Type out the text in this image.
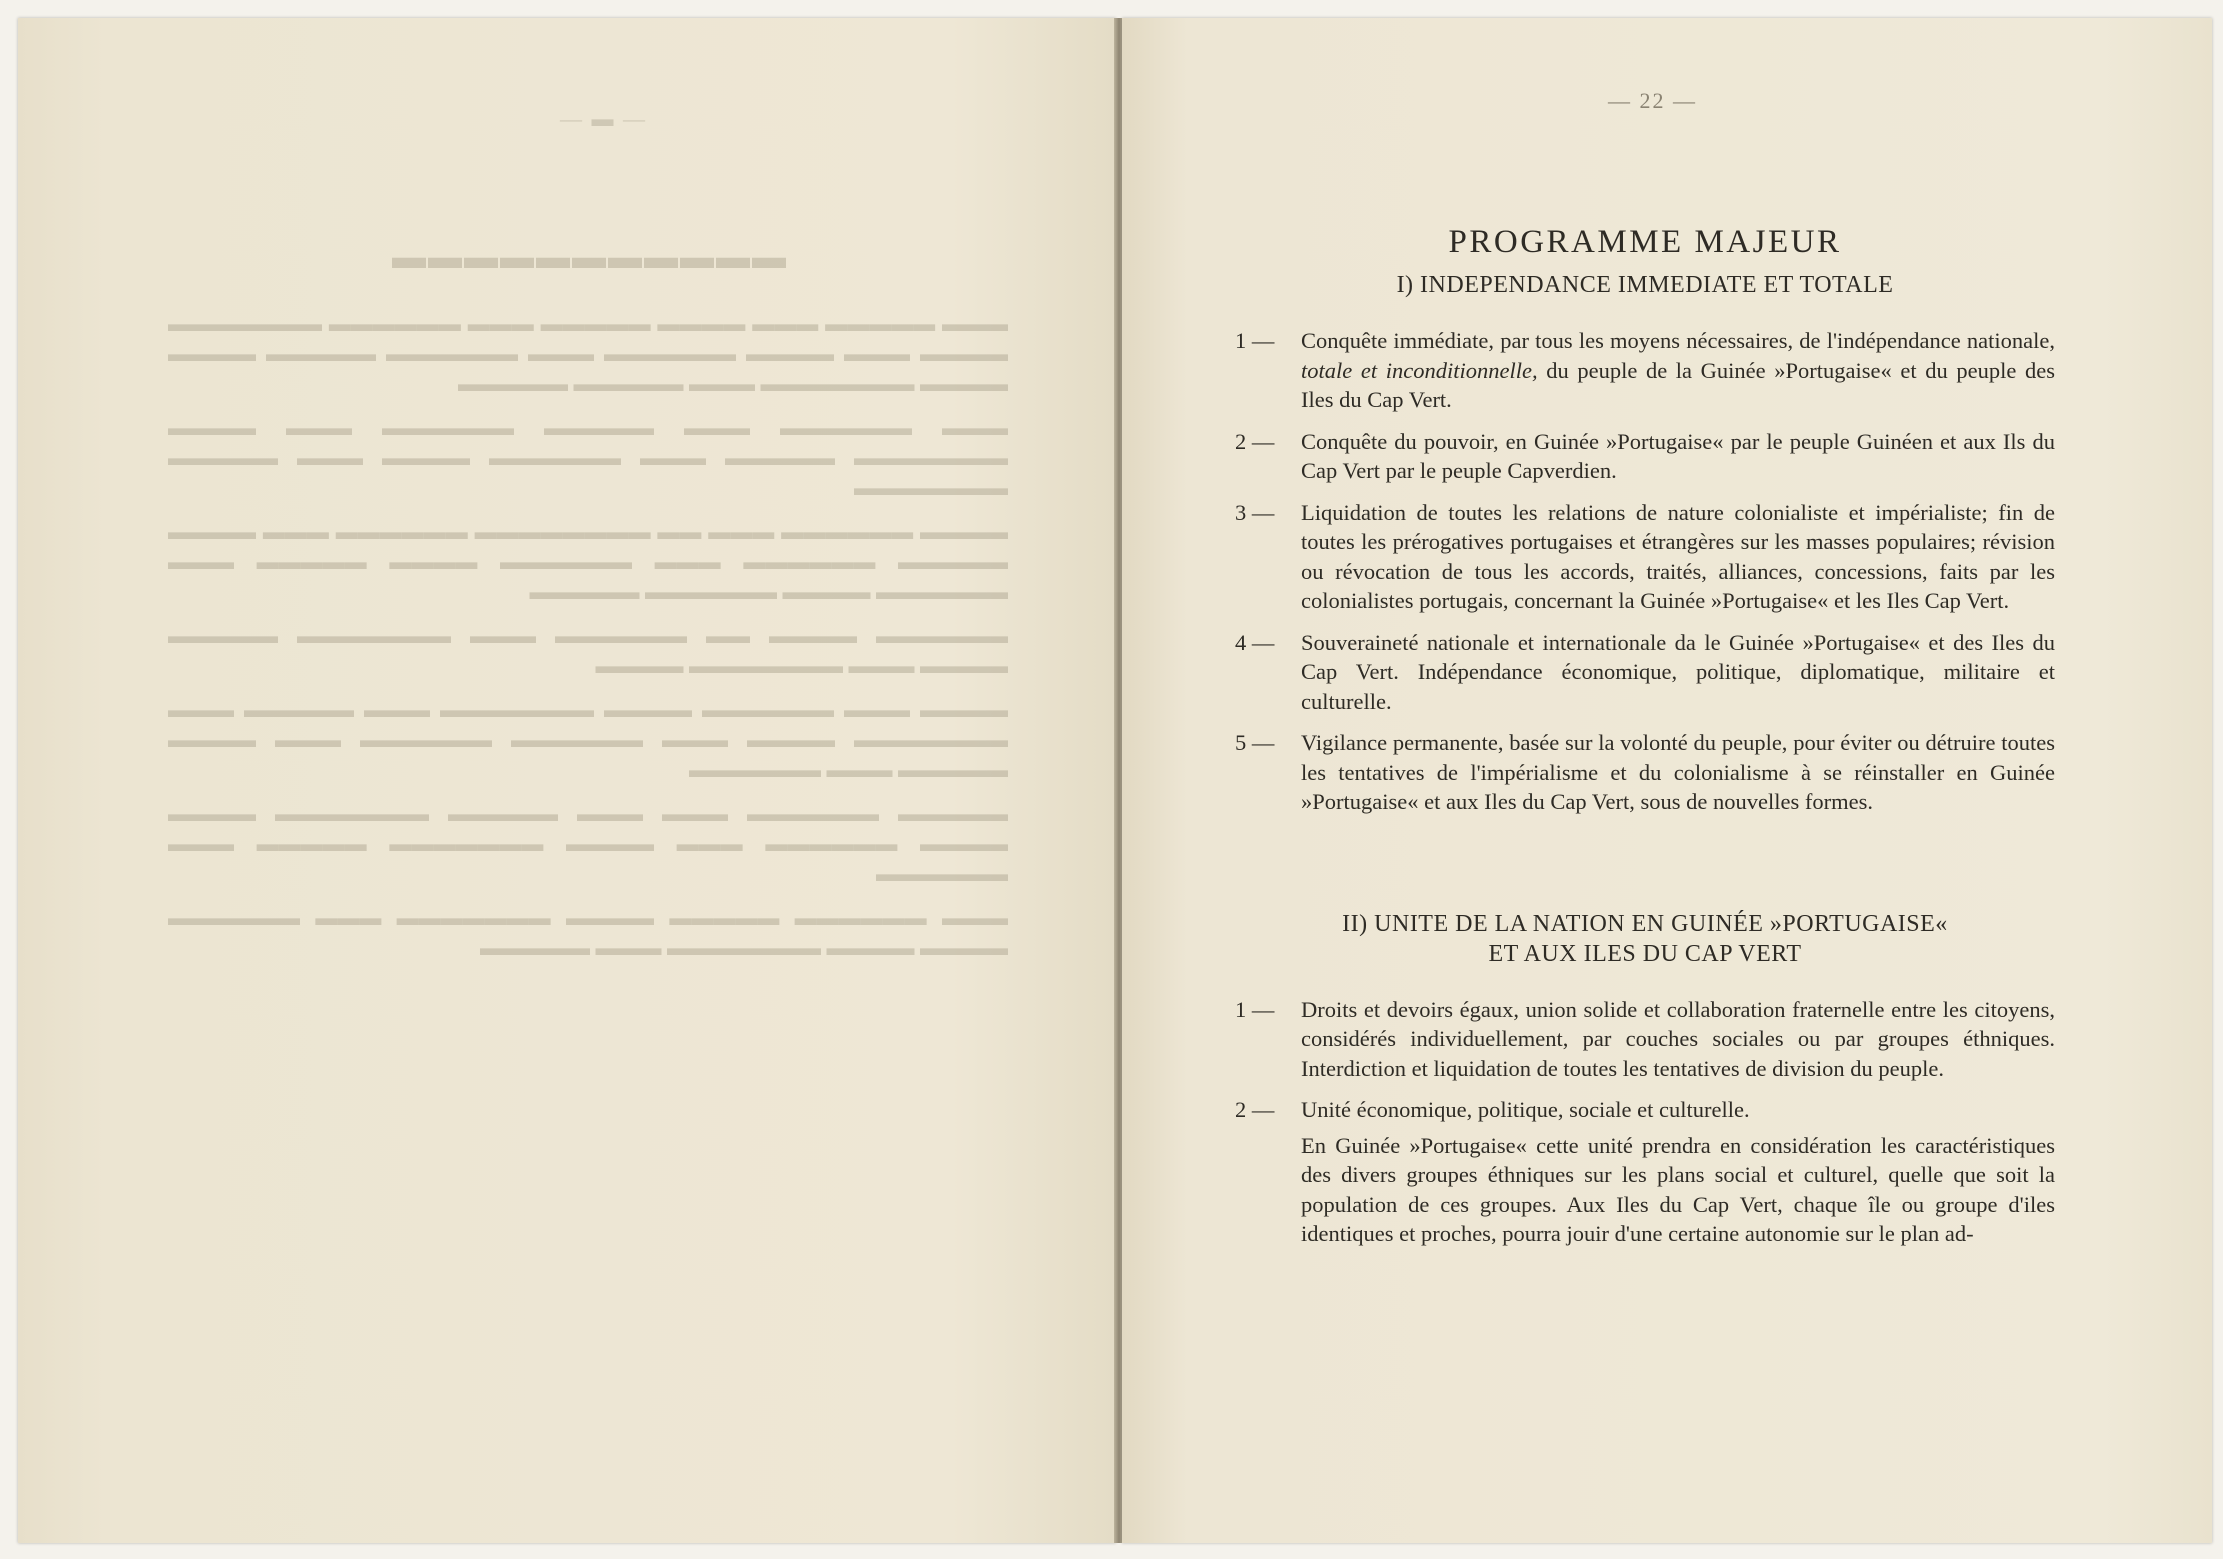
▬▬▬▬▬▬▬▬▬▬▬

▬▬▬ ▬▬▬▬▬ ▬▬▬ ▬▬▬▬ ▬▬▬▬▬ ▬▬▬ ▬▬▬▬▬▬ ▬▬▬▬▬▬▬ ▬▬▬▬ ▬▬▬ ▬▬▬▬ ▬▬▬▬▬▬ ▬▬▬ ▬▬▬▬▬▬ ▬▬▬▬▬ ▬▬▬▬ ▬▬▬▬ ▬▬▬▬▬▬▬ ▬▬▬ ▬▬▬▬▬ ▬▬▬▬▬

▬▬▬ ▬▬▬▬▬▬ ▬▬▬ ▬▬▬▬▬ ▬▬▬▬▬▬ ▬▬▬ ▬▬▬▬ ▬▬▬▬▬▬▬ ▬▬▬▬▬ ▬▬▬ ▬▬▬▬▬▬ ▬▬▬▬ ▬▬▬ ▬▬▬▬▬ ▬▬▬▬▬▬▬

▬▬▬▬ ▬▬▬▬▬▬ ▬▬▬ ▬▬ ▬▬▬▬▬▬▬▬ ▬▬▬▬▬▬ ▬▬▬ ▬▬▬▬ ▬▬▬▬▬ ▬▬▬▬▬▬ ▬▬▬ ▬▬▬▬▬▬ ▬▬▬▬ ▬▬▬▬▬ ▬▬▬ ▬▬▬▬▬▬ ▬▬▬▬ ▬▬▬▬▬▬ ▬▬▬▬▬

▬▬▬▬▬▬ ▬▬▬▬ ▬▬ ▬▬▬▬▬▬ ▬▬▬ ▬▬▬▬▬▬▬ ▬▬▬▬▬ ▬▬▬▬ ▬▬▬ ▬▬▬▬▬▬▬ ▬▬▬▬

▬▬▬▬ ▬▬▬ ▬▬▬▬▬▬ ▬▬▬▬ ▬▬▬▬▬▬▬ ▬▬▬ ▬▬▬▬▬ ▬▬▬ ▬▬▬▬▬▬▬ ▬▬▬▬ ▬▬▬ ▬▬▬▬▬▬ ▬▬▬▬▬▬ ▬▬▬ ▬▬▬▬ ▬▬▬▬▬ ▬▬▬ ▬▬▬▬▬▬

▬▬▬▬▬ ▬▬▬▬▬▬ ▬▬▬ ▬▬▬ ▬▬▬▬▬ ▬▬▬▬▬▬▬ ▬▬▬▬ ▬▬▬▬ ▬▬▬▬▬▬ ▬▬▬ ▬▬▬▬ ▬▬▬▬▬▬▬ ▬▬▬▬▬ ▬▬▬ ▬▬▬▬▬▬

▬▬▬ ▬▬▬▬▬▬ ▬▬▬▬▬ ▬▬▬▬ ▬▬▬▬▬▬▬ ▬▬▬ ▬▬▬▬▬▬ ▬▬▬▬ ▬▬▬▬ ▬▬▬▬▬▬▬ ▬▬▬ ▬▬▬▬▬

— ▬ —
— 22 —
PROGRAMME MAJEUR
I) INDEPENDANCE IMMEDIATE ET TOTALE
1 — Conquête immédiate, par tous les moyens nécessaires, de l'indépendance nationale, totale et inconditionnelle, du peuple de la Guinée »Portugaise« et du peuple des Iles du Cap Vert.
2 — Conquête du pouvoir, en Guinée »Portugaise« par le peuple Guinéen et aux Ils du Cap Vert par le peuple Capverdien.
3 — Liquidation de toutes les relations de nature colonialiste et impérialiste; fin de toutes les prérogatives portugaises et étrangères sur les masses populaires; révision ou révocation de tous les accords, traités, alliances, concessions, faits par les colonialistes portugais, concernant la Guinée »Portugaise« et les Iles Cap Vert.
4 — Souveraineté nationale et internationale da le Guinée »Portugaise« et des Iles du Cap Vert. Indépendance économique, politique, diplomatique, militaire et culturelle.
5 — Vigilance permanente, basée sur la volonté du peuple, pour éviter ou détruire toutes les tentatives de l'impérialisme et du colonialisme à se réinstaller en Guinée »Portugaise« et aux Iles du Cap Vert, sous de nouvelles formes.
II) UNITE DE LA NATION EN GUINÉE »PORTUGAISE«
ET AUX ILES DU CAP VERT
1 — Droits et devoirs égaux, union solide et collaboration fraternelle entre les citoyens, considérés individuellement, par couches sociales ou par groupes éthniques. Interdiction et liquidation de toutes les tentatives de division du peuple.
2 — Unité économique, politique, sociale et culturelle.
En Guinée »Portugaise« cette unité prendra en considération les caractéristiques des divers groupes éthniques sur les plans social et culturel, quelle que soit la population de ces groupes. Aux Iles du Cap Vert, chaque île ou groupe d'iles identiques et proches, pourra jouir d'une certaine autonomie sur le plan ad-
